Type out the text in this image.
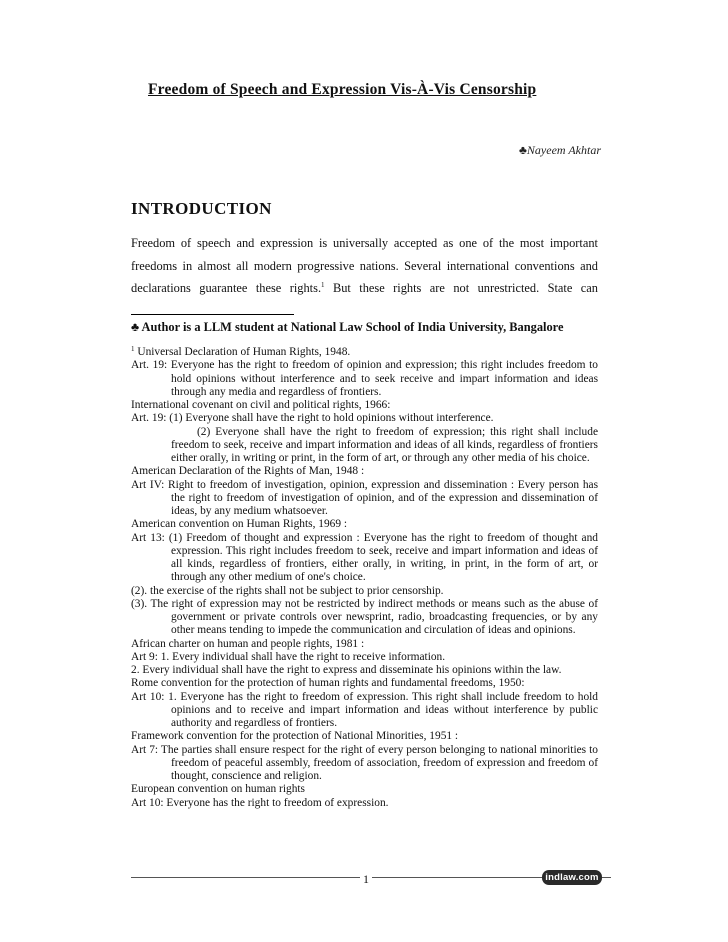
Freedom of Speech and Expression Vis-À-Vis Censorship
♣Nayeem Akhtar
INTRODUCTION
Freedom of speech and expression is universally accepted as one of the most important
freedoms in almost all modern progressive nations. Several international conventions and
declarations guarantee these rights.$^1$ But these rights are not unrestricted. State can
♣ Author is a LLM student at National Law School of India University, Bangalore
$^1$ Universal Declaration of Human Rights, 1948.
Art. 19: Everyone has the right to freedom of opinion and expression; this right includes freedom to hold opinions without interference and to seek receive and impart information and ideas through any media and regardless of frontiers.
International covenant on civil and political rights, 1966:
Art. 19: (1) Everyone shall have the right to hold opinions without interference.
(2) Everyone shall have the right to freedom of expression; this right shall include freedom to seek, receive and impart information and ideas of all kinds, regardless of frontiers either orally, in writing or print, in the form of art, or through any other media of his choice.
American Declaration of the Rights of Man, 1948 :
Art IV: Right to freedom of investigation, opinion, expression and dissemination : Every person has the right to freedom of investigation of opinion, and of the expression and dissemination of ideas, by any medium whatsoever.
American convention on Human Rights, 1969 :
Art 13: (1) Freedom of thought and expression : Everyone has the right to freedom of thought and expression. This right includes freedom to seek, receive and impart information and ideas of all kinds, regardless of frontiers, either orally, in writing, in print, in the form of art, or through any other medium of one's choice.
(2). the exercise of the rights shall not be subject to prior censorship.
(3). The right of expression may not be restricted by indirect methods or means such as the abuse of government or private controls over newsprint, radio, broadcasting frequencies, or by any other means tending to impede the communication and circulation of ideas and opinions.
African charter on human and people rights, 1981 :
Art 9: 1. Every individual shall have the right to receive information.
2. Every individual shall have the right to express and disseminate his opinions within the law.
Rome convention for the protection of human rights and fundamental freedoms, 1950:
Art 10: 1. Everyone has the right to freedom of expression. This right shall include freedom to hold opinions and to receive and impart information and ideas without interference by public authority and regardless of frontiers.
Framework convention for the protection of National Minorities, 1951 :
Art 7: The parties shall ensure respect for the right of every person belonging to national minorities to freedom of peaceful assembly, freedom of association, freedom of expression and freedom of thought, conscience and religion.
European convention on human rights
Art 10: Everyone has the right to freedom of expression.
1	indlaw.com
